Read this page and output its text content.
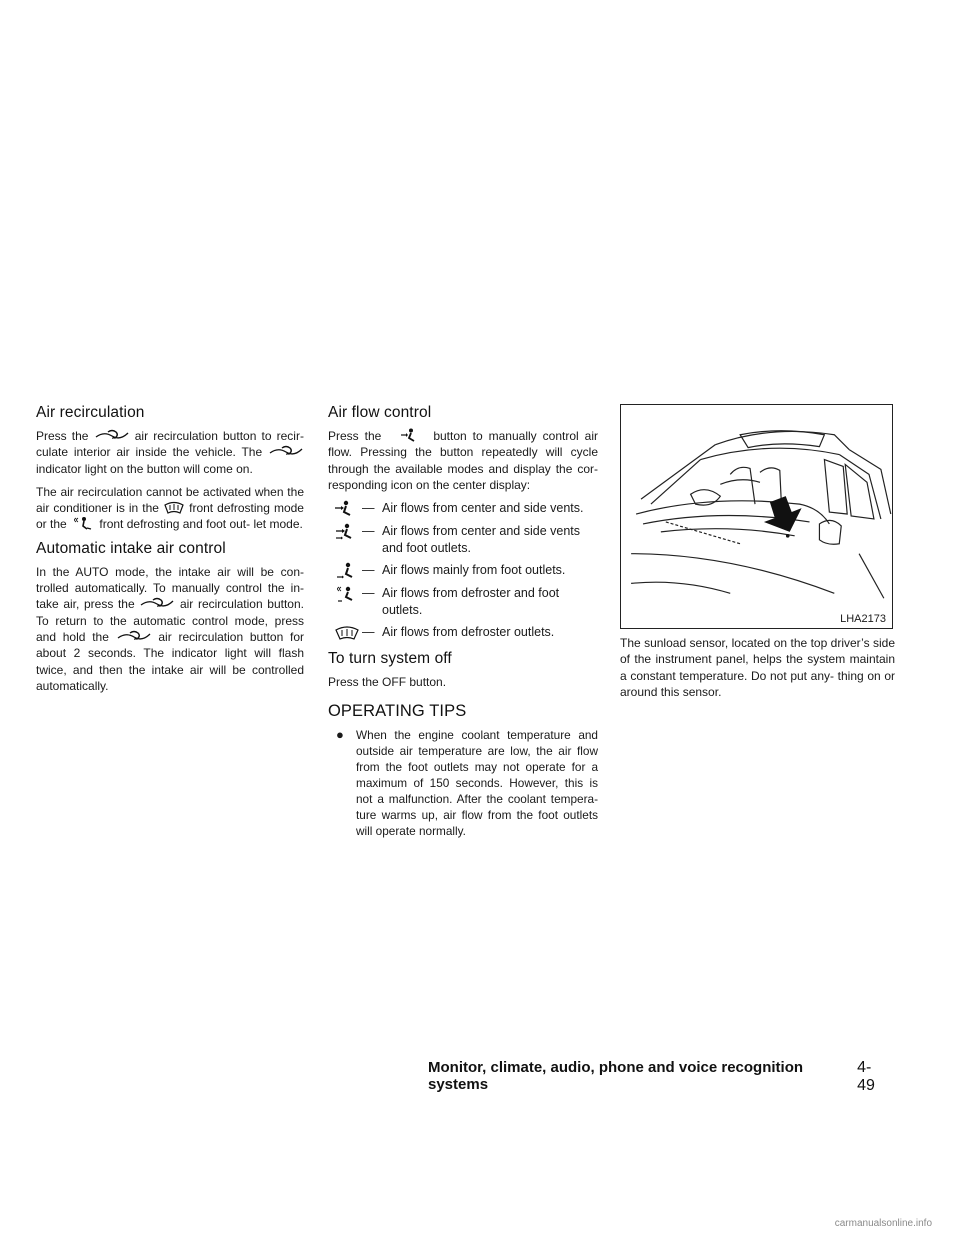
Air recirculation

Press the	air recirculation button to recir- culate interior air inside the vehicle. The  indicator light on the button will come on.

The air recirculation cannot be activated when the air conditioner is in the	front defrosting mode or the	front defrosting and foot out- let mode.

Automatic intake air control

In the AUTO mode, the intake air will be con- trolled automatically. To manually control the in- take air, press the	air recirculation button. To return to the automatic control mode, press and hold the	air recirculation button for about 2 seconds. The indicator light will flash twice, and then the intake air will be controlled automatically.

Air flow control

Press the	button to manually control air flow. Pressing the button repeatedly will cycle through the available modes and display the cor- responding icon on the center display:

— Air flows from center and side vents.
— Air flows from center and side vents and foot outlets.
— Air flows mainly from foot outlets.
— Air flows from defroster and foot outlets.
— Air flows from defroster outlets.
To turn system off

Press the OFF button.

OPERATING TIPS
●	When the engine coolant temperature and outside air temperature are low, the air flow from the foot outlets may not operate for a maximum of 150 seconds. However, this is not a malfunction. After the coolant tempera- ture warms up, air flow from the foot outlets will operate normally.
LHA2173

The sunload sensor, located on the top driver’s side of the instrument panel, helps the system maintain a constant temperature. Do not put any- thing on or around this sensor.

Monitor, climate, audio, phone and voice recognition systems
4-49
carmanualsonline.info
